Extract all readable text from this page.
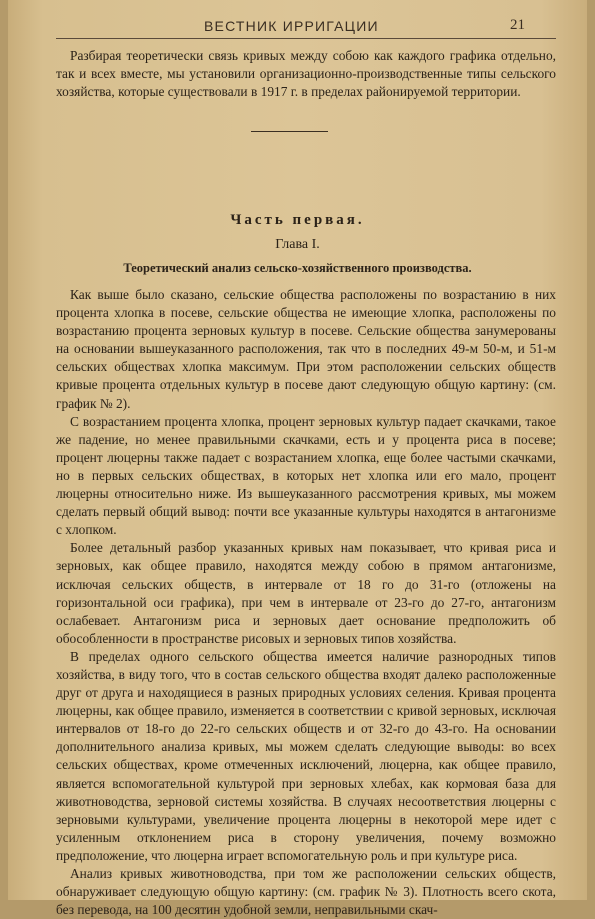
ВЕСТНИК ИРРИГАЦИИ	21

Разбирая теоретически связь кривых между собою как каждого графика отдельно, так и всех вместе, мы установили организационно-производственные типы сельского хозяйства, которые существовали в 1917 г. в пределах районируемой территории.

Часть первая.
Глава I.
Теоретический анализ сельско-хозяйственного производства.

Как выше было сказано, сельские общества расположены по возрастанию в них процента хлопка в посеве, сельские общества не имеющие хлопка, расположены по возрастанию процента зерновых культур в посеве. Сельские общества занумерованы на основании вышеуказанного расположения, так что в последних 49-м 50-м, и 51-м сельских обществах хлопка максимум. При этом расположении сельских обществ кривые процента отдельных культур в посеве дают следующую общую картину: (см. график № 2).

С возрастанием процента хлопка, процент зерновых культур падает скачками, такое же падение, но менее правильными скачками, есть и у процента риса в посеве; процент люцерны также падает с возрастанием хлопка, еще более частыми скачками, но в первых сельских обществах, в которых нет хлопка или его мало, процент люцерны относительно ниже. Из вышеуказанного рассмотрения кривых, мы можем сделать первый общий вывод: почти все указанные культуры находятся в антагонизме с хлопком.

Более детальный разбор указанных кривых нам показывает, что кривая риса и зерновых, как общее правило, находятся между собою в прямом антагонизме, исключая сельских обществ, в интервале от 18 го до 31-го (отложены на горизонтальной оси графика), при чем в интервале от 23-го до 27-го, антагонизм ослабевает. Антагонизм риса и зерновых дает основание предположить об обособленности в пространстве рисовых и зерновых типов хозяйства.

В пределах одного сельского общества имеется наличие разнородных типов хозяйства, в виду того, что в состав сельского общества входят далеко расположенные друг от друга и находящиеся в разных природных условиях селения. Кривая процента люцерны, как общее правило, изменяется в соответствии с кривой зерновых, исключая интервалов от 18-го до 22-го сельских обществ и от 32-го до 43-го. На основании дополнительного анализа кривых, мы можем сделать следующие выводы: во всех сельских обществах, кроме отмеченных исключений, люцерна, как общее правило, является вспомогательной культурой при зерновых хлебах, как кормовая база для животноводства, зерновой системы хозяйства. В случаях несоответствия люцерны с зерновыми культурами, увеличение процента люцерны в некоторой мере идет с усиленным отклонением риса в сторону увеличения, почему возможно предположение, что люцерна играет вспомогательную роль и при культуре риса.

Анализ кривых животноводства, при том же расположении сельских обществ, обнаруживает следующую общую картину: (см. график № 3). Плотность всего скота, без перевода, на 100 десятин удобной земли, неправильными скач-
